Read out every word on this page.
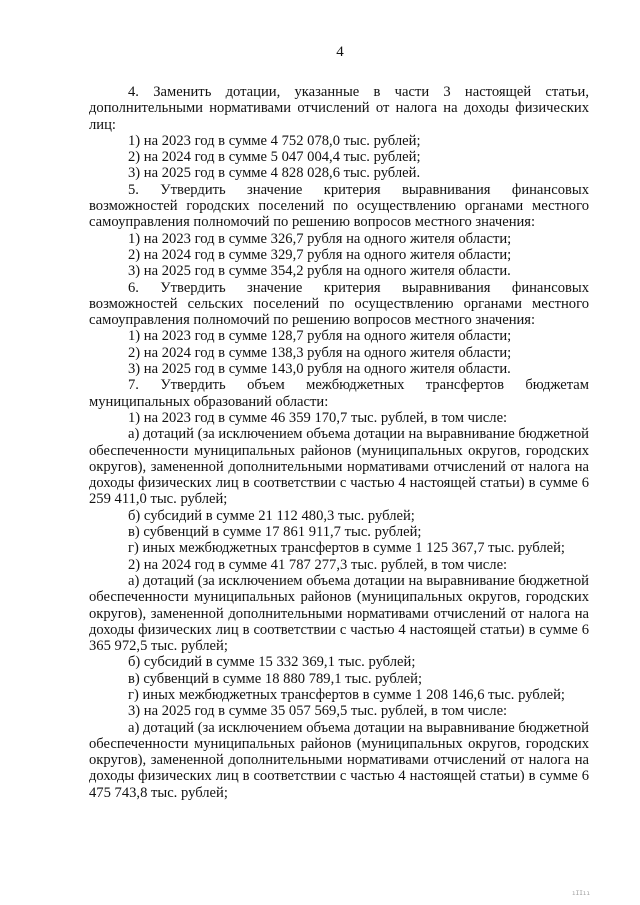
4

4. Заменить дотации, указанные в части 3 настоящей статьи, дополнительными нормативами отчислений от налога на доходы физических лиц:

1) на 2023 год в сумме 4 752 078,0 тыс. рублей;

2) на 2024 год в сумме 5 047 004,4 тыс. рублей;

3) на 2025 год в сумме 4 828 028,6 тыс. рублей.

5. Утвердить значение критерия выравнивания финансовых возможностей городских поселений по осуществлению органами местного самоуправления полномочий по решению вопросов местного значения:

1) на 2023 год в сумме 326,7 рубля на одного жителя области;

2) на 2024 год в сумме 329,7 рубля на одного жителя области;

3) на 2025 год в сумме 354,2 рубля на одного жителя области.

6. Утвердить значение критерия выравнивания финансовых возможностей сельских поселений по осуществлению органами местного самоуправления полномочий по решению вопросов местного значения:

1) на 2023 год в сумме 128,7 рубля на одного жителя области;

2) на 2024 год в сумме 138,3 рубля на одного жителя области;

3) на 2025 год в сумме 143,0 рубля на одного жителя области.

7. Утвердить объем межбюджетных трансфертов бюджетам муниципальных образований области:

1) на 2023 год в сумме 46 359 170,7 тыс. рублей, в том числе:

а) дотаций (за исключением объема дотации на выравнивание бюджетной обеспеченности муниципальных районов (муниципальных округов, городских округов), замененной дополнительными нормативами отчислений от налога на доходы физических лиц в соответствии с частью 4 настоящей статьи) в сумме 6 259 411,0 тыс. рублей;

б) субсидий в сумме 21 112 480,3 тыс. рублей;

в) субвенций в сумме 17 861 911,7 тыс. рублей;

г) иных межбюджетных трансфертов в сумме 1 125 367,7 тыс. рублей;

2) на 2024 год в сумме 41 787 277,3 тыс. рублей, в том числе:

а) дотаций (за исключением объема дотации на выравнивание бюджетной обеспеченности муниципальных районов (муниципальных округов, городских округов), замененной дополнительными нормативами отчислений от налога на доходы физических лиц в соответствии с частью 4 настоящей статьи) в сумме 6 365 972,5 тыс. рублей;

б) субсидий в сумме 15 332 369,1 тыс. рублей;

в) субвенций в сумме 18 880 789,1 тыс. рублей;

г) иных межбюджетных трансфертов в сумме 1 208 146,6 тыс. рублей;

3) на 2025 год в сумме 35 057 569,5 тыс. рублей, в том числе:

а) дотаций (за исключением объема дотации на выравнивание бюджетной обеспеченности муниципальных районов (муниципальных округов, городских округов), замененной дополнительными нормативами отчислений от налога на доходы физических лиц в соответствии с частью 4 настоящей статьи) в сумме 6 475 743,8 тыс. рублей;

ıIIıı
